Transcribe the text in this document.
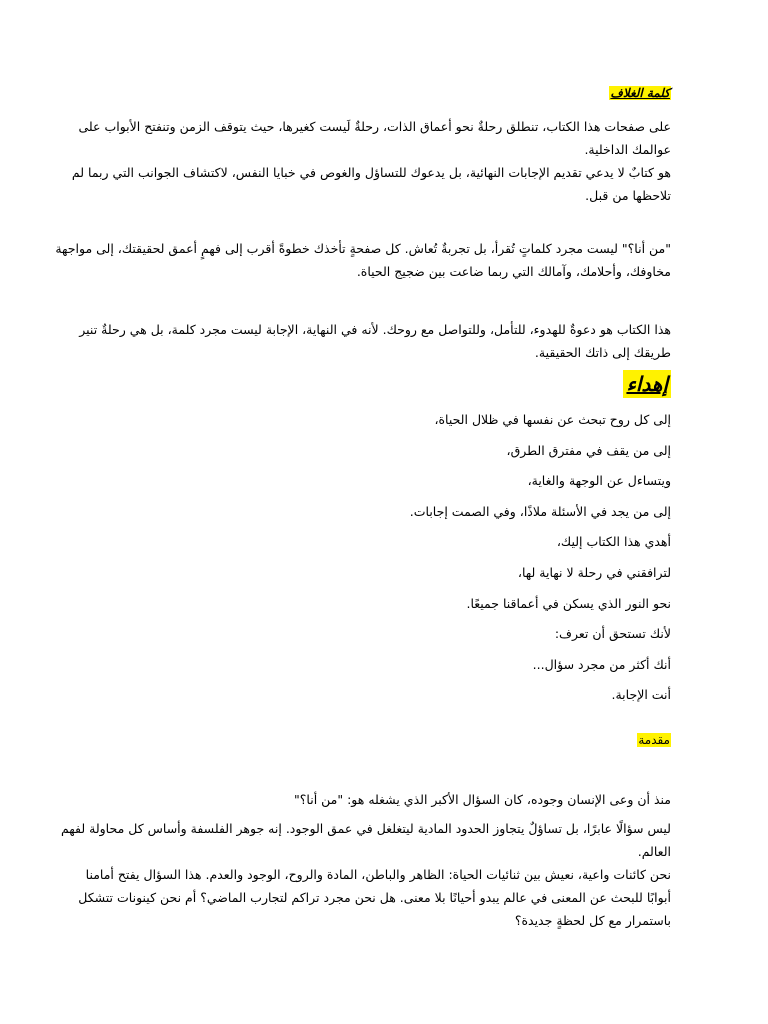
كلمة الغلاف
على صفحات هذا الكتاب، تنطلق رحلةٌ نحو أعماق الذات، رحلةٌ لَيست كغيرها، حيث يتوقف الزمن وتنفتح الأبواب على
عوالمك الداخلية.
هو كتابٌ لا يدعي تقديم الإجابات النهائية، بل يدعوك للتساؤل والغوص في خبايا النفس، لاكتشاف الجوانب التي ربما لم
تلاحظها من قبل.
"من أنا؟" ليست مجرد كلماتٍ تُقرأ، بل تجربةٌ تُعاش. كل صفحةٍ تأخذك خطوةً أقرب إلى فهمٍ أعمق لحقيقتك، إلى مواجهة
مخاوفك، وأحلامك، وآمالك التي ربما ضاعت بين ضجيج الحياة.
هذا الكتاب هو دعوةٌ للهدوء، للتأمل، وللتواصل مع روحك. لأنه في النهاية، الإجابة ليست مجرد كلمة، بل هي رحلةٌ تنير
طريقك إلى ذاتك الحقيقية.
إهداء
إلى كل روح تبحث عن نفسها في ظلال الحياة،
إلى من يقف في مفترق الطرق،
ويتساءل عن الوجهة والغاية،
إلى من يجد في الأسئلة ملاذًا، وفي الصمت إجابات.
أهدي هذا الكتاب إليك،
لترافقني في رحلة لا نهاية لها،
نحو النور الذي يسكن في أعماقنا جميعًا.
لأنك تستحق أن تعرف:
أنك أكثر من مجرد سؤال...
أنت الإجابة.
مقدمة
منذ أن وعى الإنسان وجوده، كان السؤال الأكبر الذي يشغله هو: "من أنا؟"
ليس سؤالًا عابرًا، بل تساؤلٌ يتجاوز الحدود المادية ليتغلغل في عمق الوجود. إنه جوهر الفلسفة وأساس كل محاولة لفهم
العالم.
نحن كائنات واعية، نعيش بين ثنائيات الحياة: الظاهر والباطن، المادة والروح، الوجود والعدم. هذا السؤال يفتح أمامنا
أبوابًا للبحث عن المعنى في عالم يبدو أحيانًا بلا معنى. هل نحن مجرد تراكم لتجارب الماضي؟ أم نحن كينونات تتشكل
باستمرار مع كل لحظةٍ جديدة؟
